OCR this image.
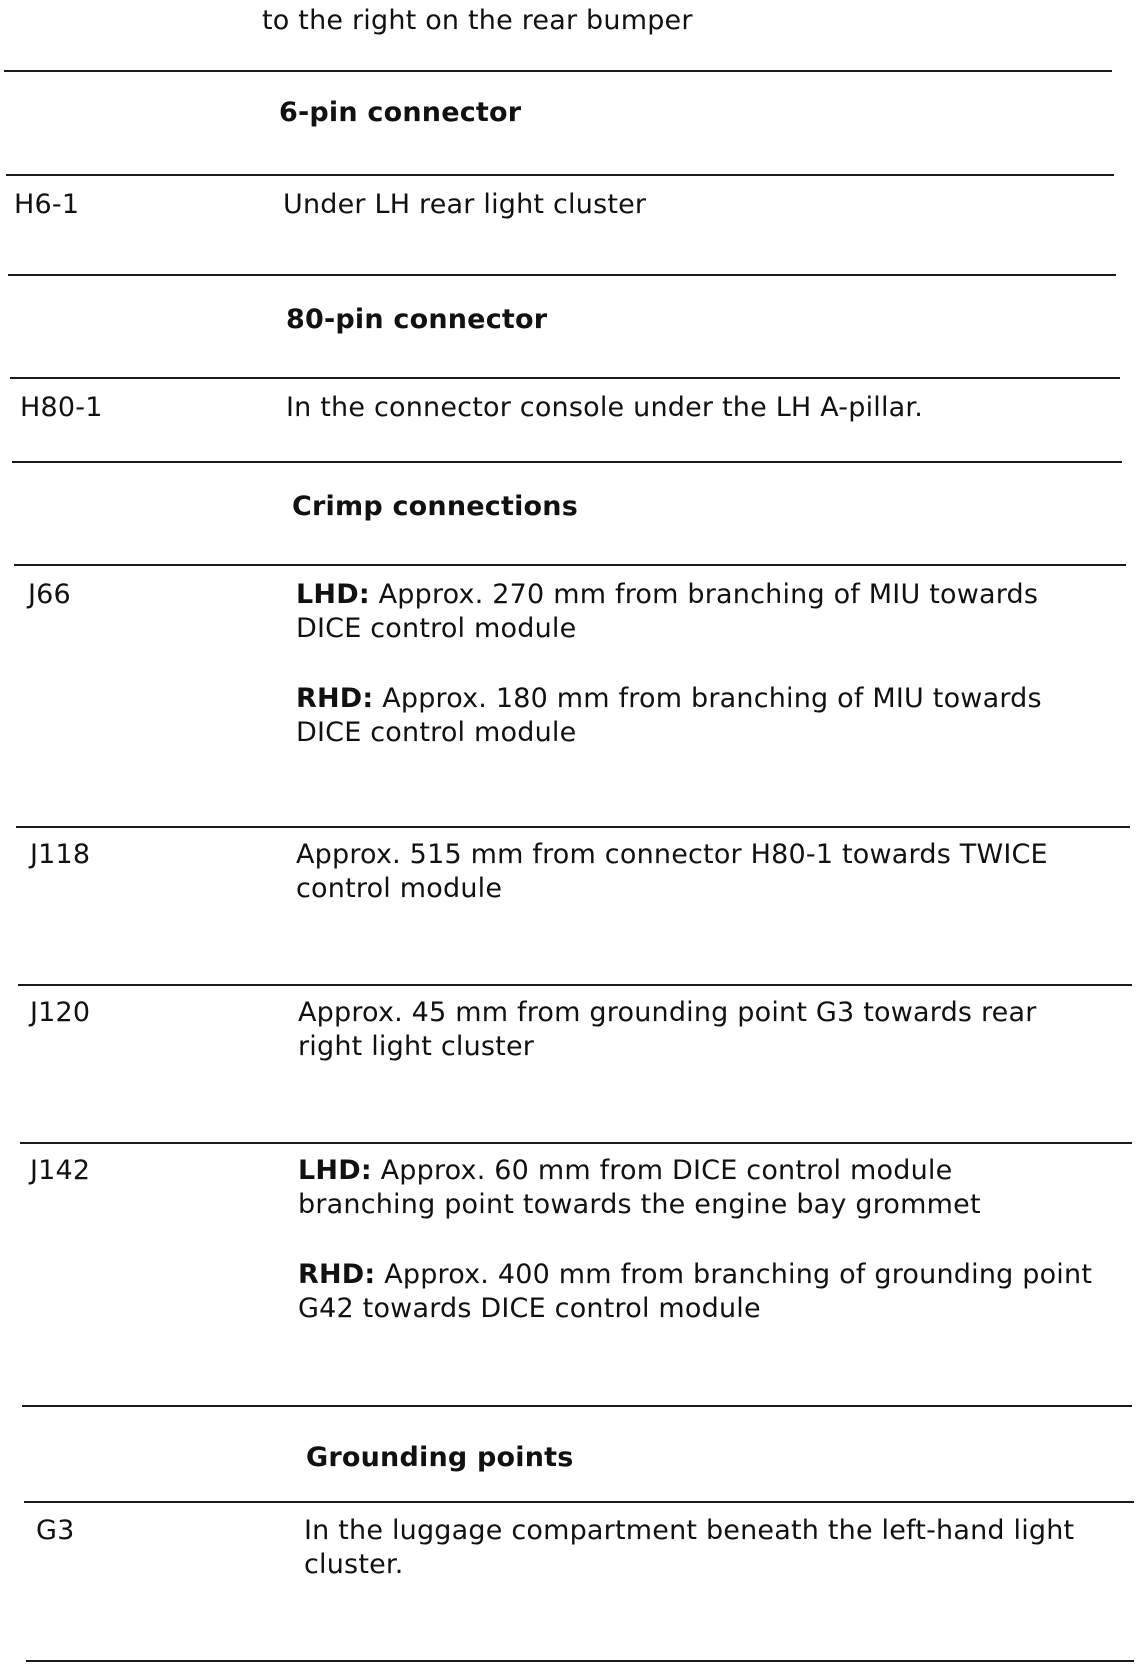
to the right on the rear bumper
6-pin connector
H6-1	Under LH rear light cluster
80-pin connector
H80-1	In the connector console under the LH A-pillar.
Crimp connections
J66	LHD: Approx. 270 mm from branching of MIU towards
DICE control module
RHD: Approx. 180 mm from branching of MIU towards
DICE control module
J118	Approx. 515 mm from connector H80-1 towards TWICE
control module
J120	Approx. 45 mm from grounding point G3 towards rear
right light cluster
J142	LHD: Approx. 60 mm from DICE control module
branching point towards the engine bay grommet
RHD: Approx. 400 mm from branching of grounding point
G42 towards DICE control module
Grounding points
G3	In the luggage compartment beneath the left-hand light
cluster.
